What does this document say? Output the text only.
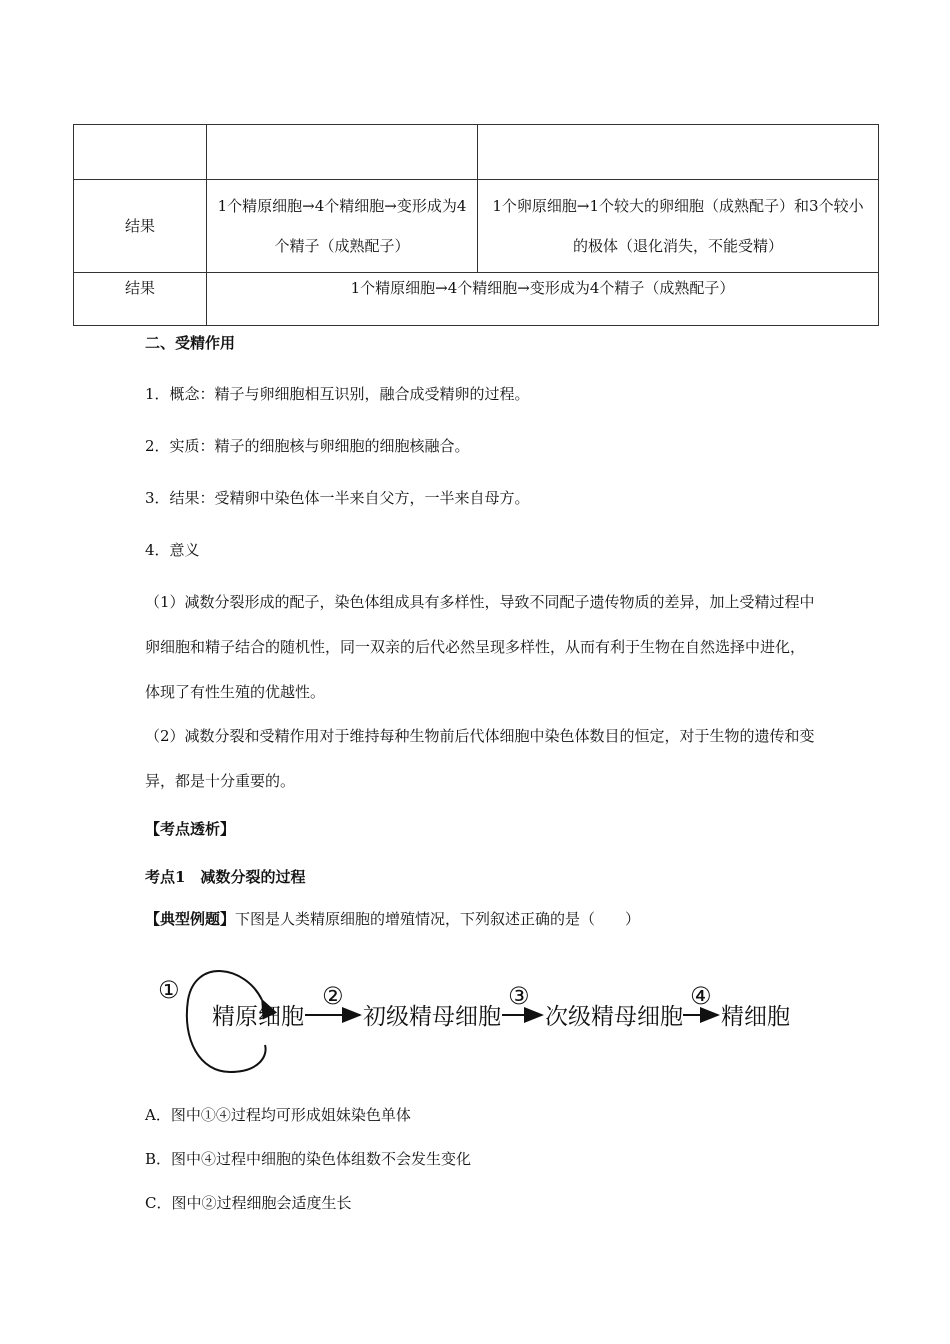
结果	1个精原细胞→4个精细胞→变形成为4个精子（成熟配子）	1个卵原细胞→1个较大的卵细胞（成熟配子）和3个较小的极体（退化消失，不能受精）
结果	1个精原细胞→4个精细胞→变形成为4个精子（成熟配子）	
二、受精作用
1．概念：精子与卵细胞相互识别，融合成受精卵的过程。
2．实质：精子的细胞核与卵细胞的细胞核融合。
3．结果：受精卵中染色体一半来自父方，一半来自母方。
4．意义
（1）减数分裂形成的配子，染色体组成具有多样性，导致不同配子遗传物质的差异，加上受精过程中卵细胞和精子结合的随机性，同一双亲的后代必然呈现多样性，从而有利于生物在自然选择中进化，体现了有性生殖的优越性。
（2）减数分裂和受精作用对于维持每种生物前后代体细胞中染色体数目的恒定，对于生物的遗传和变异，都是十分重要的。
【考点透析】
考点1　减数分裂的过程
【典型例题】下图是人类精原细胞的增殖情况，下列叙述正确的是（　　）
①
精原细胞
②
初级精母细胞
③
次级精母细胞
④
精细胞
A．图中①④过程均可形成姐妹染色单体
B．图中④过程中细胞的染色体组数不会发生变化
C．图中②过程细胞会适度生长
